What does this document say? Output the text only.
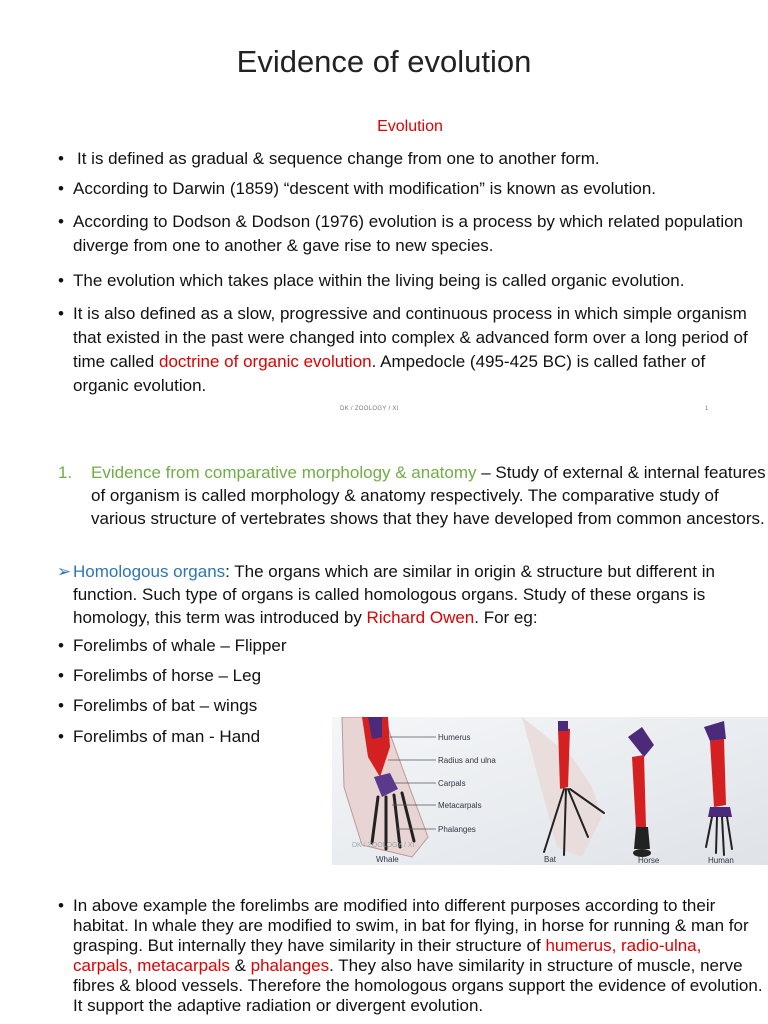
Evidence of evolution
Evolution
• It is defined as gradual & sequence change from one to another form.
• According to Darwin (1859) “descent with modification” is known as evolution.
• According to Dodson & Dodson (1976) evolution is a process by which related population diverge from one to another & gave rise to new species.
• The evolution which takes place within the living being is called organic evolution.
• It is also defined as a slow, progressive and continuous process in which simple organism that existed in the past were changed into complex & advanced form over a long period of time called doctrine of organic evolution. Ampedocle (495-425 BC) is called father of organic evolution.
DK / ZOOLOGY / XI	1
1.	Evidence from comparative morphology & anatomy – Study of external & internal features of organism is called morphology & anatomy respectively. The comparative study of various structure of vertebrates shows that they have developed from common ancestors.
➢ Homologous organs: The organs which are similar in origin & structure but different in function. Such type of organs is called homologous organs. Study of these organs is homology, this term was introduced by Richard Owen. For eg:
• Forelimbs of whale – Flipper
• Forelimbs of horse – Leg
• Forelimbs of bat – wings
• Forelimbs of man - Hand	Humerus
Radius and ulna
Carpals
Metacarpals
Phalanges
DK / ZOOLOGY / XI
Whale	Bat	Horse	Human
• In above example the forelimbs are modified into different purposes according to their habitat. In whale they are modified to swim, in bat for flying, in horse for running & man for grasping. But internally they have similarity in their structure of humerus, radio-ulna, carpals, metacarpals & phalanges. They also have similarity in structure of muscle, nerve fibres & blood vessels. Therefore the homologous organs support the evidence of evolution. It support the adaptive radiation or divergent evolution.
